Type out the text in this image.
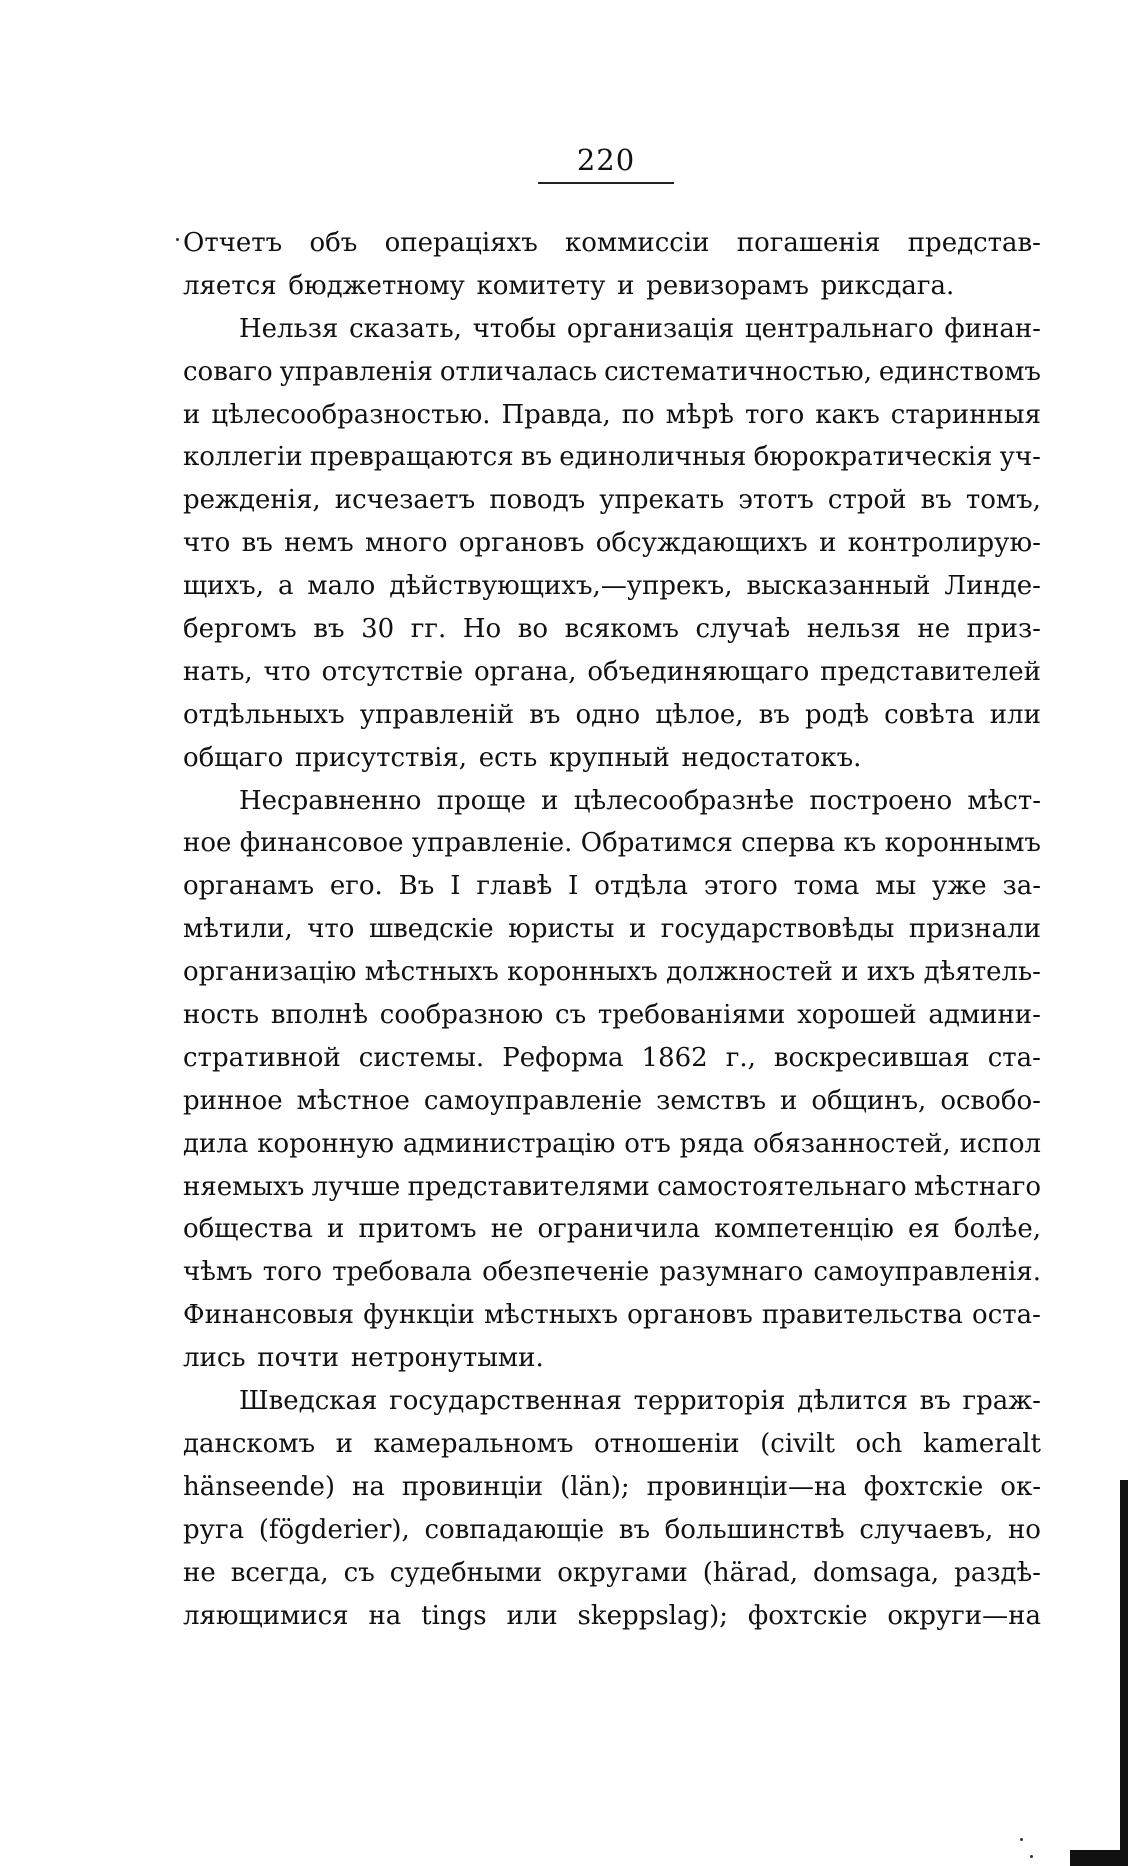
220
Отчетъ объ операціяхъ коммиссіи погашенія представ-
ляется бюджетному комитету и ревизорамъ риксдага.
Нельзя сказать, чтобы организація центральнаго финан-
соваго управленія отличалась систематичностью, единствомъ
и цѣлесообразностью. Правда, по мѣрѣ того какъ старинныя
коллегіи превращаются въ единоличныя бюрократическія уч-
режденія, исчезаетъ поводъ упрекать этотъ строй въ томъ,
что въ немъ много органовъ обсуждающихъ и контролирую-
щихъ, а мало дѣйствующихъ,—упрекъ, высказанный Линде-
бергомъ въ 30 гг. Но во всякомъ случаѣ нельзя не приз-
нать, что отсутствіе органа, объединяющаго представителей
отдѣльныхъ управленій въ одно цѣлое, въ родѣ совѣта или
общаго присутствія, есть крупный недостатокъ.
Несравненно проще и цѣлесообразнѣе построено мѣст-
ное финансовое управленіе. Обратимся сперва къ короннымъ
органамъ его. Въ I главѣ I отдѣла этого тома мы уже за-
мѣтили, что шведскіе юристы и государствовѣды признали
организацію мѣстныхъ коронныхъ должностей и ихъ дѣятель-
ность вполнѣ сообразною съ требованіями хорошей админи-
стративной системы. Реформа 1862 г., воскресившая ста-
ринное мѣстное самоуправленіе земствъ и общинъ, освобо-
дила коронную администрацію отъ ряда обязанностей, испол
няемыхъ лучше представителями самостоятельнаго мѣстнаго
общества и притомъ не ограничила компетенцію ея болѣе,
чѣмъ того требовала обезпеченіе разумнаго самоуправленія.
Финансовыя функціи мѣстныхъ органовъ правительства оста-
лись почти нетронутыми.
Шведская государственная территорія дѣлится въ граж-
данскомъ и камеральномъ отношеніи (civilt och kameralt
hänseende) на провинціи (län); провинціи—на фохтскіе ок-
руга (fögderier), совпадающіе въ большинствѣ случаевъ, но
не всегда, съ судебными округами (härad, domsaga, раздѣ-
ляющимися на tings или skeppslag); фохтскіе округи—на
